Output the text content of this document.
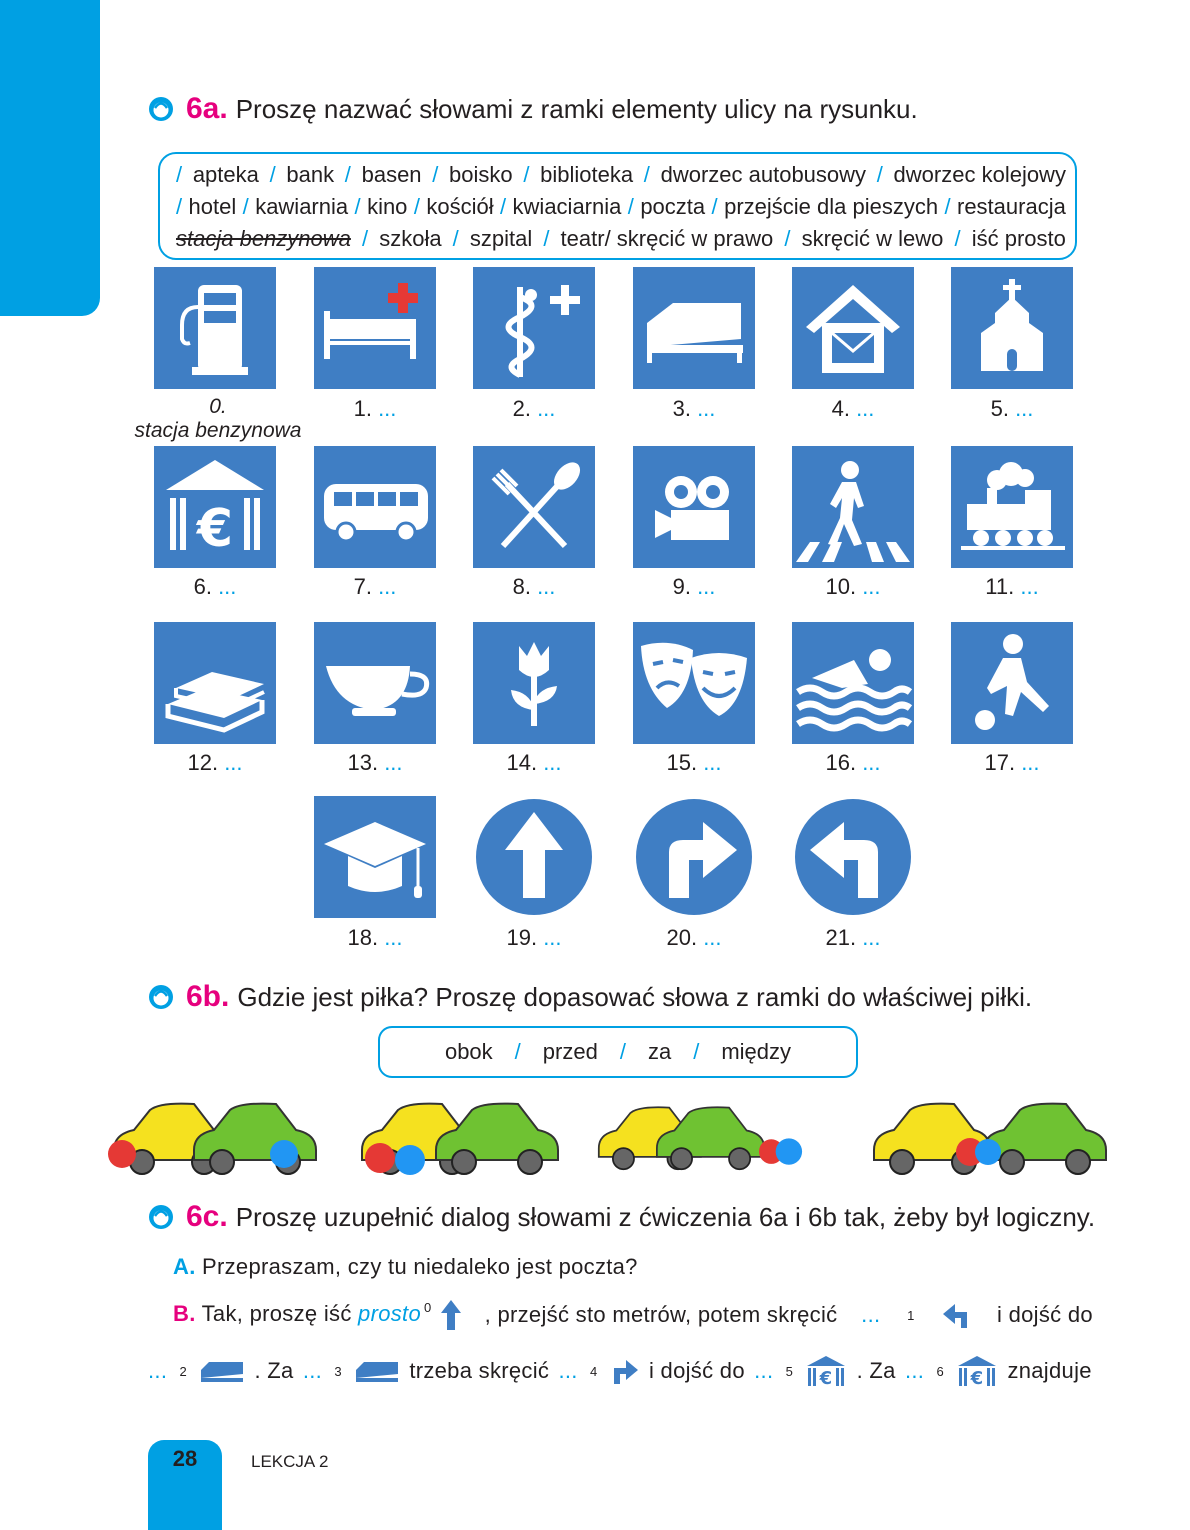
6a. Proszę nazwać słowami z ramki elementy ulicy na rysunku.
/ apteka / bank / basen / boisko / biblioteka / dworzec autobusowy / dworzec kolejowy
/ hotel / kawiarnia / kino / kościół / kwiaciarnia / poczta / przejście dla pieszych / restauracja
stacja benzynowa / szkoła / szpital / teatr/ skręcić w prawo / skręcić w lewo / iść prosto
0.
stacja benzynowa
€
1. ...	2. ...	3. ...	4. ...	5. ...
6. ...	7. ...	8. ...	9. ...	10. ...	11. ...
12. ...	13. ...	14. ...	15. ...	16. ...	17. ...
18. ...	19. ...	20. ...	21. ...
6b. Gdzie jest piłka? Proszę dopasować słowa z ramki do właściwej piłki.
obok / przed / za / między
6c. Proszę uzupełnić dialog słowami z ćwiczenia 6a i 6b tak, żeby był logiczny.
A. Przepraszam, czy tu niedaleko jest poczta?
B. Tak, proszę iść prosto $^0$	, przejść sto metrów, potem skręcić ... 1	i dojść do
... 2	. Za ... 3	trzeba skręcić ... 4 i dojść do ... 5 € . Za ... 6 € znajduje
28	LEKCJA 2
